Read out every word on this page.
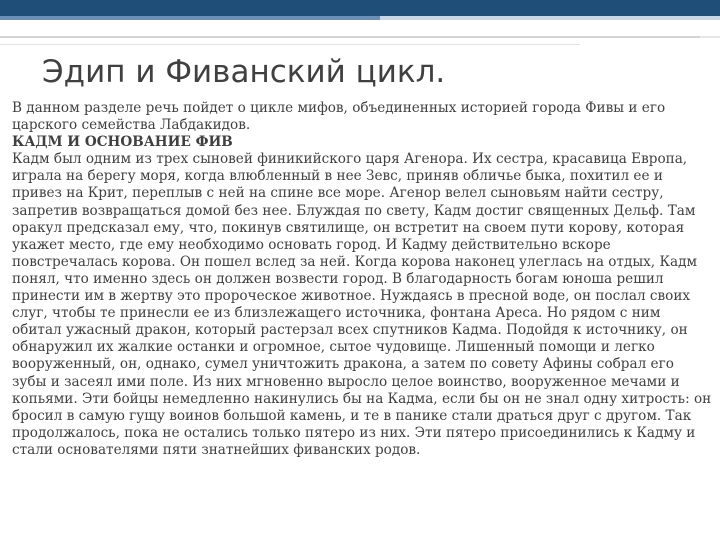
Эдип и Фиванский цикл.

В данном разделе речь пойдет о цикле мифов, объединенных историей города Фивы и его царского семейства Лабдакидов.

КАДМ И ОСНОВАНИЕ ФИВ

Кадм был одним из трех сыновей финикийского царя Агенора. Их сестра, красавица Европа, играла на берегу моря, когда влюбленный в нее Зевс, приняв обличье быка, похитил ее и привез на Крит, переплыв с ней на спине все море. Агенор велел сыновьям найти сестру, запретив возвращаться домой без нее. Блуждая по свету, Кадм достиг священных Дельф. Там оракул предсказал ему, что, покинув святилище, он встретит на своем пути корову, которая укажет место, где ему необходимо основать город. И Кадму действительно вскоре повстречалась корова. Он пошел вслед за ней. Когда корова наконец улеглась на отдых, Кадм понял, что именно здесь он должен возвести город. В благодарность богам юноша решил принести им в жертву это пророческое животное. Нуждаясь в пресной воде, он послал своих слуг, чтобы те принесли ее из близлежащего источника, фонтана Ареса. Но рядом с ним обитал ужасный дракон, который растерзал всех спутников Кадма. Подойдя к источнику, он обнаружил их жалкие останки и огромное, сытое чудовище. Лишенный помощи и легко вооруженный, он, однако, сумел уничтожить дракона, а затем по совету Афины собрал его зубы и засеял ими поле. Из них мгновенно выросло целое воинство, вооруженное мечами и копьями. Эти бойцы немедленно накинулись бы на Кадма, если бы он не знал одну хитрость: он бросил в самую гущу воинов большой камень, и те в панике стали драться друг с другом. Так продолжалось, пока не остались только пятеро из них. Эти пятеро присоединились к Кадму и стали основателями пяти знатнейших фиванских родов.
